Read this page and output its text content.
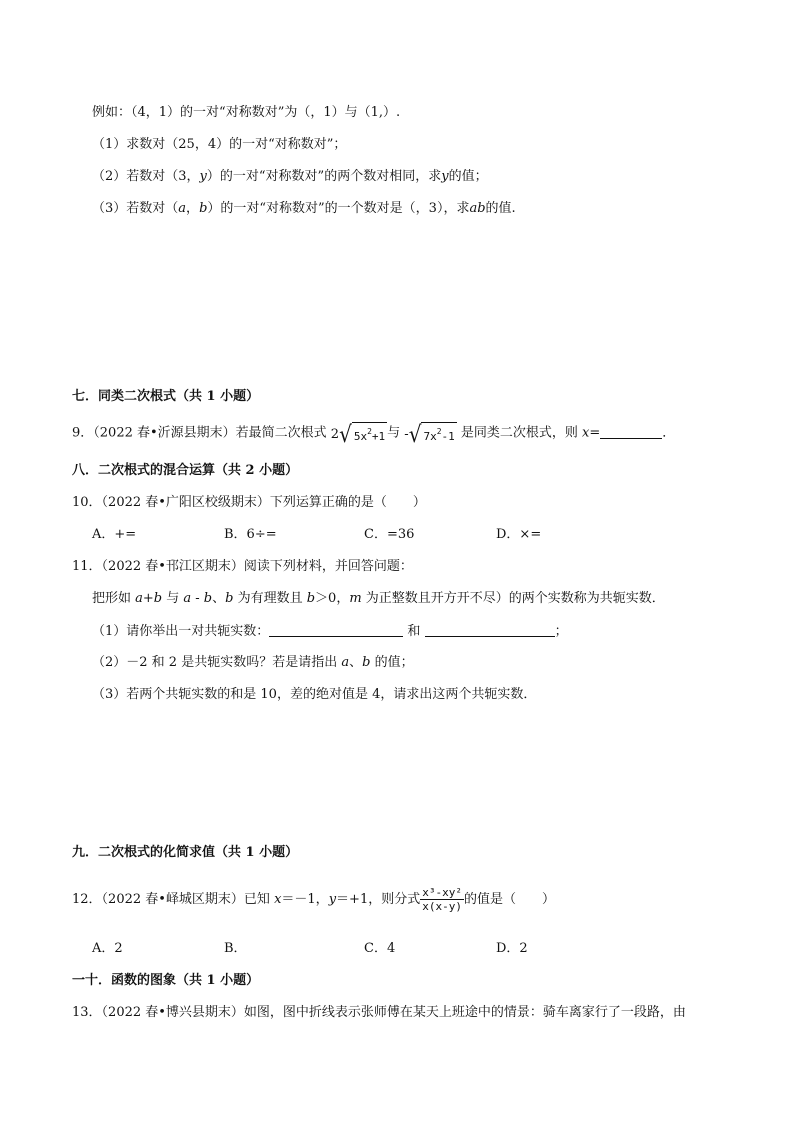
例如：（4，1）的一对“对称数对”为（，1）与（1,）.
（1）求数对（25，4）的一对“对称数对”；
（2）若数对（3，y）的一对“对称数对”的两个数对相同，求y的值；
（3）若数对（a，b）的一对“对称数对”的一个数对是（，3），求ab的值.
七．同类二次根式（共 1 小题）
9．（2022 春•沂源县期末）若最简二次根式 2 √ $5x^2+1$ 与 - √ $7x^2-1$ 是同类二次根式，则 x=	．
八．二次根式的混合运算（共 2 小题）
10．（2022 春•广阳区校级期末）下列运算正确的是（　　）
A．+=	B．6÷=	C．=36	D．×=
11．（2022 春•邗江区期末）阅读下列材料，并回答问题：
把形如 a+b 与 a - b、b 为有理数且 b＞0，m 为正整数且开方开不尽）的两个实数称为共轭实数．
（1）请你举出一对共轭实数：	和	；
（2）－2 和 2 是共轭实数吗？若是请指出 a、b 的值；
（3）若两个共轭实数的和是 10，差的绝对值是 4，请求出这两个共轭实数．
九．二次根式的化简求值（共 1 小题）
12．（2022 春•峄城区期末）已知 x＝－1，y＝+1，则分式 $\frac{\text{x³-xy²}}{x(x-y)}$ 的值是（　　）
A．2	B．	C．4	D．2
一十．函数的图象（共 1 小题）
13．（2022 春•博兴县期末）如图，图中折线表示张师傅在某天上班途中的情景：骑车离家行了一段路，由
